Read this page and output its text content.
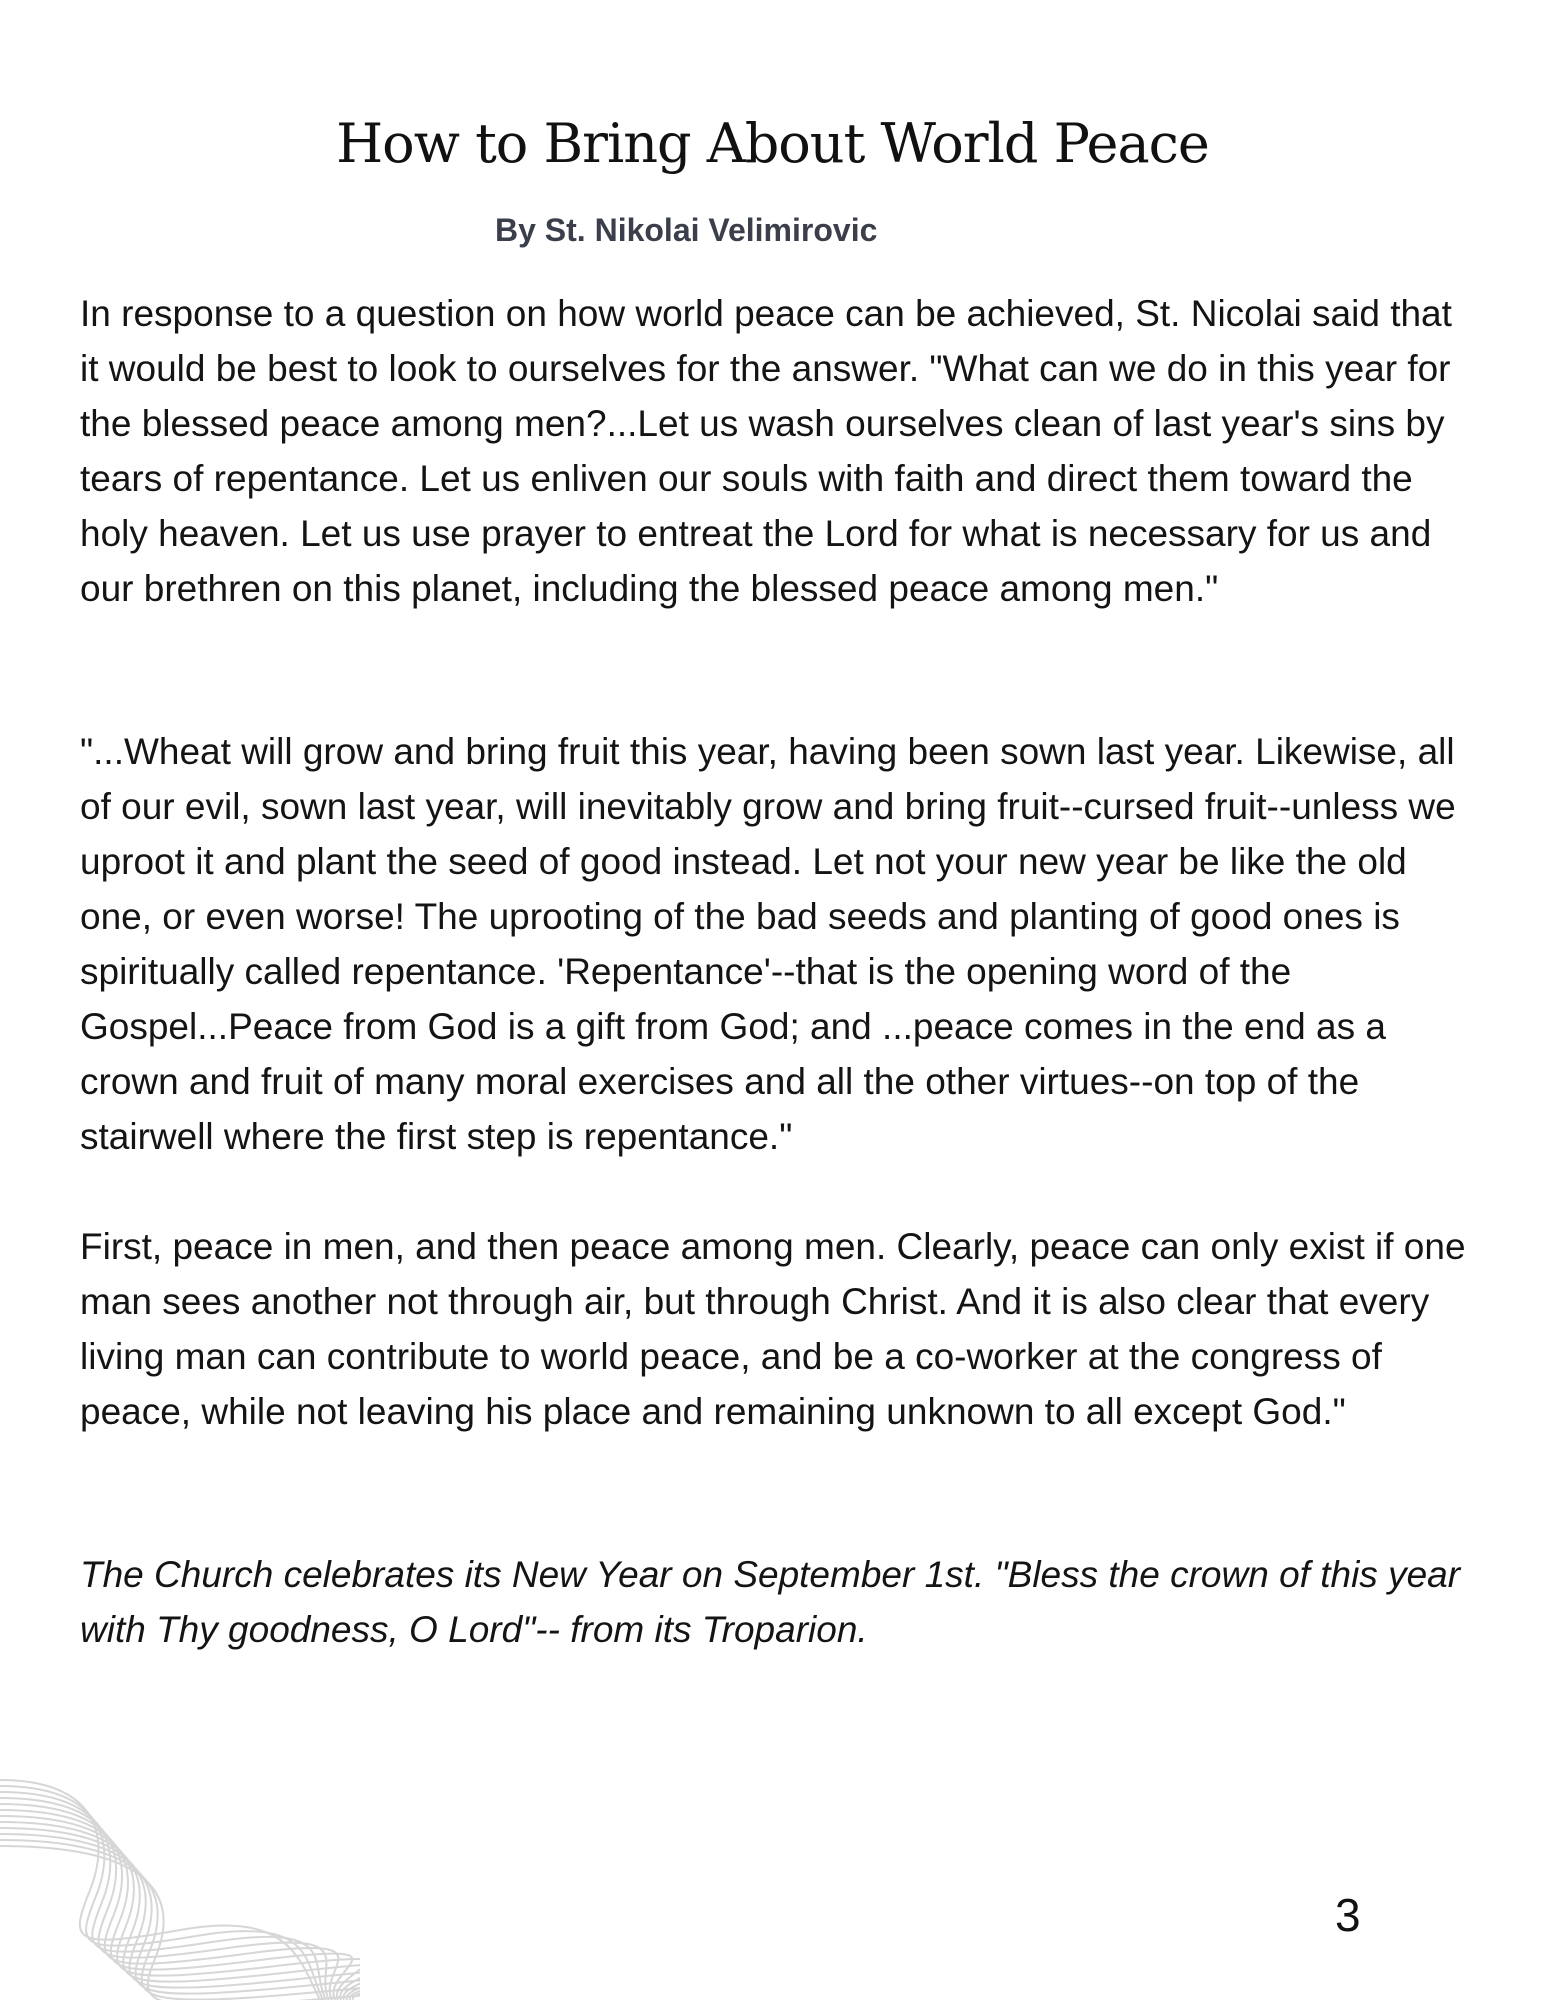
How to Bring About World Peace

By St. Nikolai Velimirovic

In response to a question on how world peace can be achieved, St. Nicolai said that it would be best to look to ourselves for the answer. "What can we do in this year for the blessed peace among men?...Let us wash ourselves clean of last year's sins by tears of repentance. Let us enliven our souls with faith and direct them toward the holy heaven. Let us use prayer to entreat the Lord for what is necessary for us and our brethren on this planet, including the blessed peace among men."

"...Wheat will grow and bring fruit this year, having been sown last year. Likewise, all of our evil, sown last year, will inevitably grow and bring fruit--cursed fruit--unless we uproot it and plant the seed of good instead. Let not your new year be like the old one, or even worse! The uprooting of the bad seeds and planting of good ones is spiritually called repentance. 'Repentance'--that is the opening word of the Gospel...Peace from God is a gift from God; and ...peace comes in the end as a crown and fruit of many moral exercises and all the other virtues--on top of the stairwell where the first step is repentance."

First, peace in men, and then peace among men. Clearly, peace can only exist if one man sees another not through air, but through Christ. And it is also clear that every living man can contribute to world peace, and be a co-worker at the congress of peace, while not leaving his place and remaining unknown to all except God."

The Church celebrates its New Year on September 1st. "Bless the crown of this year with Thy goodness, O Lord"-- from its Troparion.

3
